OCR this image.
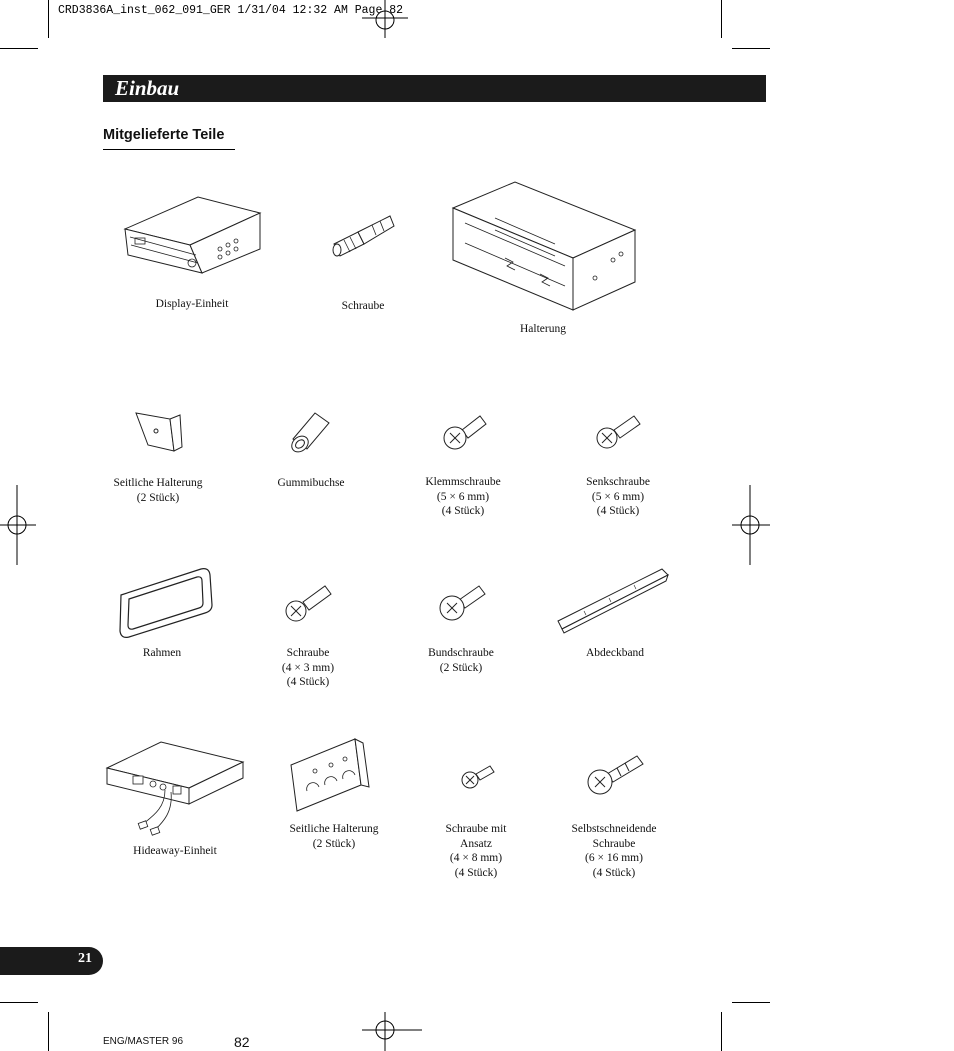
CRD3836A_inst_062_091_GER 1/31/04 12:32 AM Page 82
Einbau
Mitgelieferte Teile
Display-Einheit	Schraube
Halterung
Seitliche Halterung
(2 Stück)
Gummibuchse	Klemmschraube
(5 × 6 mm)
(4 Stück)
Senkschraube
(5 × 6 mm)
(4 Stück)
Rahmen	Schraube
(4 × 3 mm)
(4 Stück)
Bundschraube
(2 Stück)
Abdeckband
Hideaway-Einheit
Seitliche Halterung
(2 Stück)
Schraube mit
Ansatz
(4 × 8 mm)
(4 Stück)
Selbstschneidende
Schraube
(6 × 16 mm)
(4 Stück)
21
ENG/MASTER 96	82
